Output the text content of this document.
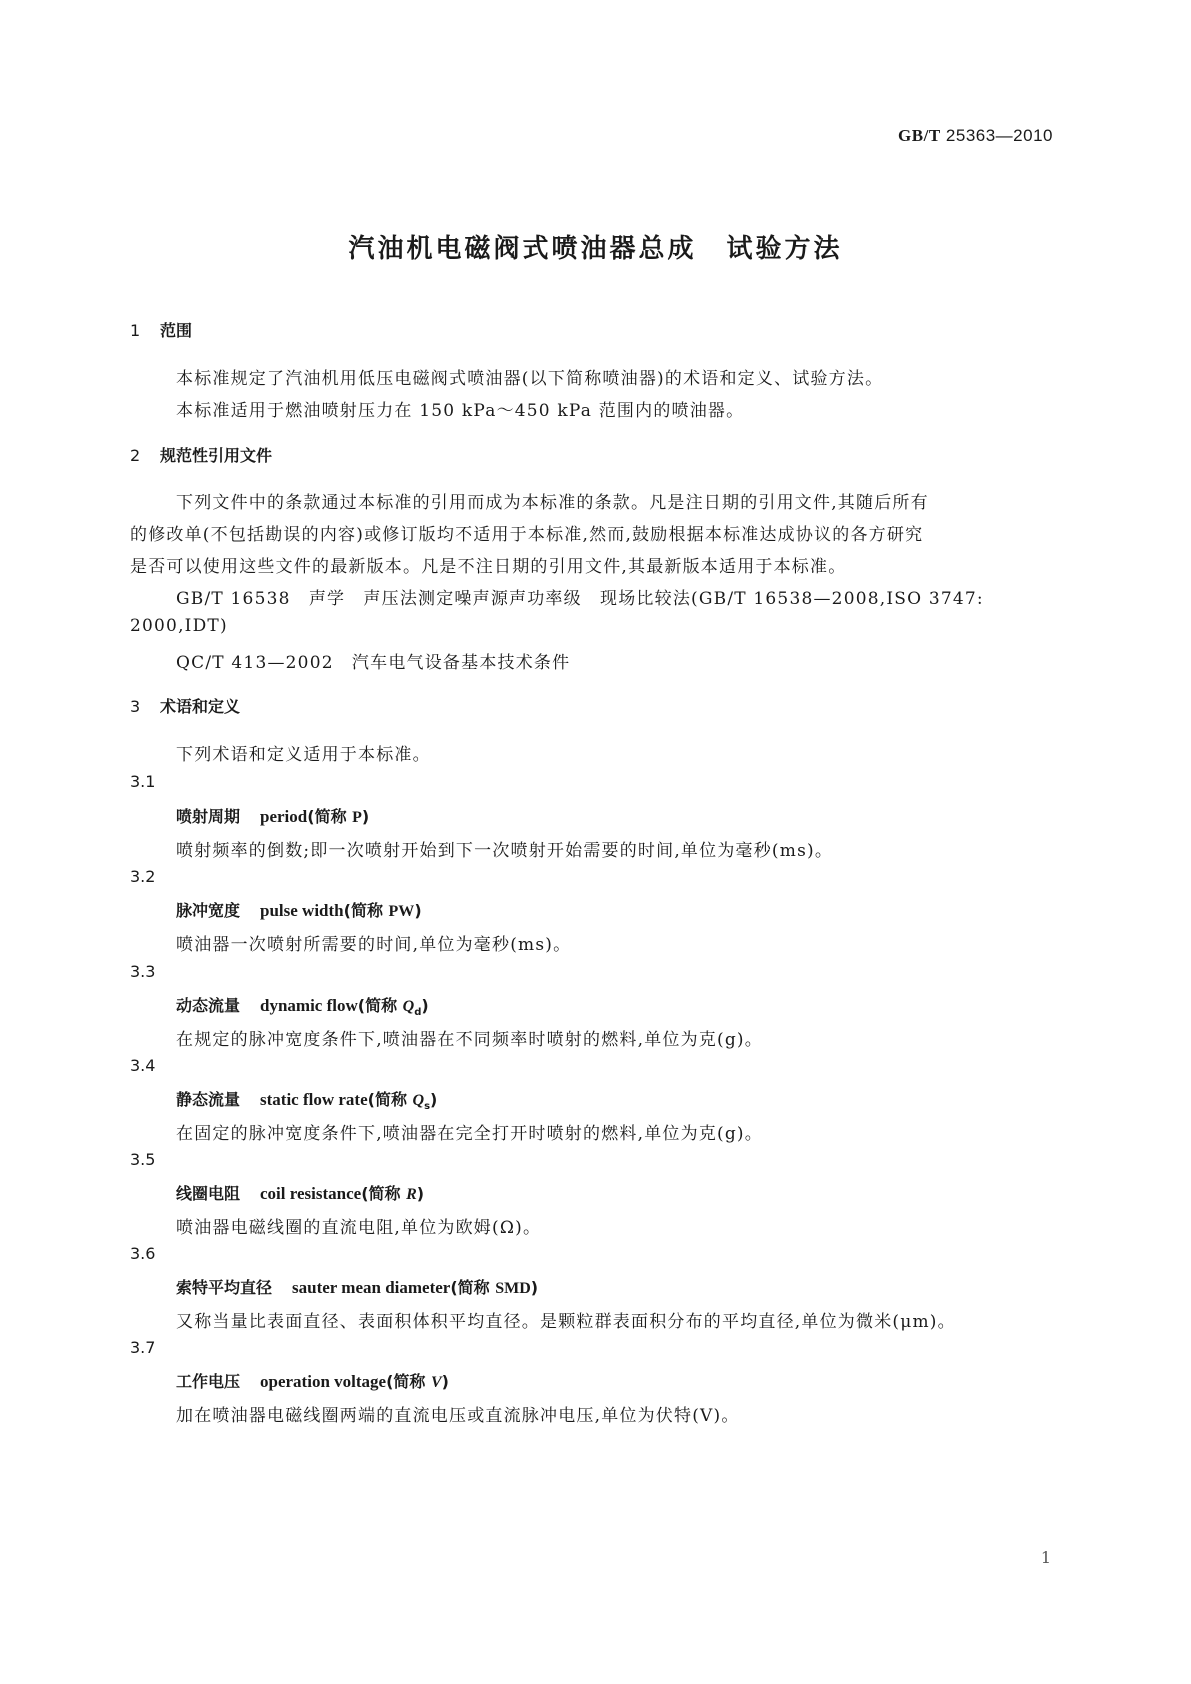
GB/T 25363—2010
汽油机电磁阀式喷油器总成 试验方法
1 范围
本标准规定了汽油机用低压电磁阀式喷油器(以下简称喷油器)的术语和定义、试验方法。
本标准适用于燃油喷射压力在 150 kPa～450 kPa 范围内的喷油器。
2 规范性引用文件
下列文件中的条款通过本标准的引用而成为本标准的条款。凡是注日期的引用文件,其随后所有
的修改单(不包括勘误的内容)或修订版均不适用于本标准,然而,鼓励根据本标准达成协议的各方研究
是否可以使用这些文件的最新版本。凡是不注日期的引用文件,其最新版本适用于本标准。
GB/T 16538　声学　声压法测定噪声源声功率级　现场比较法(GB/T 16538—2008,ISO 3747:
2000,IDT)
QC/T 413—2002　汽车电气设备基本技术条件
3 术语和定义
下列术语和定义适用于本标准。
3.1
喷射周期 period(简称 P)
喷射频率的倒数;即一次喷射开始到下一次喷射开始需要的时间,单位为毫秒(ms)。
3.2
脉冲宽度 pulse width(简称 PW)
喷油器一次喷射所需要的时间,单位为毫秒(ms)。
3.3
动态流量 dynamic flow(简称 $Q_d$)
在规定的脉冲宽度条件下,喷油器在不同频率时喷射的燃料,单位为克(g)。
3.4
静态流量 static flow rate(简称 $Q_s$)
在固定的脉冲宽度条件下,喷油器在完全打开时喷射的燃料,单位为克(g)。
3.5
线圈电阻 coil resistance(简称 R)
喷油器电磁线圈的直流电阻,单位为欧姆(Ω)。
3.6
索特平均直径 sauter mean diameter(简称 SMD)
又称当量比表面直径、表面积体积平均直径。是颗粒群表面积分布的平均直径,单位为微米(μm)。
3.7
工作电压 operation voltage(简称 V)
加在喷油器电磁线圈两端的直流电压或直流脉冲电压,单位为伏特(V)。
1
